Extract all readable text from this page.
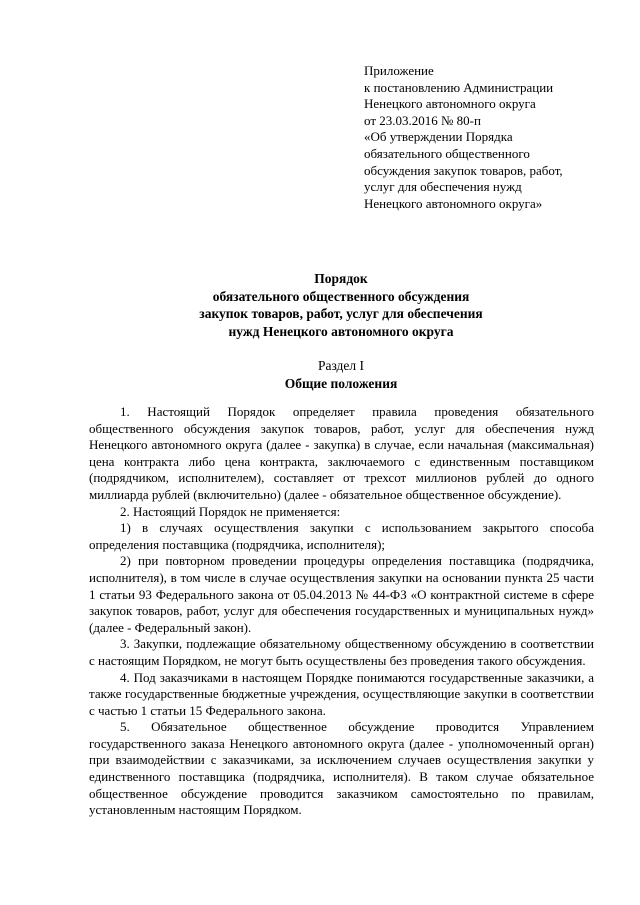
Приложение
к постановлению Администрации
Ненецкого автономного округа
от 23.03.2016 № 80-п
«Об утверждении Порядка
обязательного общественного
обсуждения закупок товаров, работ,
услуг для обеспечения нужд
Ненецкого автономного округа»
Порядок
обязательного общественного обсуждения
закупок товаров, работ, услуг для обеспечения
нужд Ненецкого автономного округа
Раздел I
Общие положения

1. Настоящий Порядок определяет правила проведения обязательного общественного обсуждения закупок товаров, работ, услуг для обеспечения нужд Ненецкого автономного округа (далее - закупка) в случае, если начальная (максимальная) цена контракта либо цена контракта, заключаемого с единственным поставщиком (подрядчиком, исполнителем), составляет от трехсот миллионов рублей до одного миллиарда рублей (включительно) (далее - обязательное общественное обсуждение).

2. Настоящий Порядок не применяется:

1) в случаях осуществления закупки с использованием закрытого способа определения поставщика (подрядчика, исполнителя);

2) при повторном проведении процедуры определения поставщика (подрядчика, исполнителя), в том числе в случае осуществления закупки на основании пункта 25 части 1 статьи 93 Федерального закона от 05.04.2013 № 44-ФЗ «О контрактной системе в сфере закупок товаров, работ, услуг для обеспечения государственных и муниципальных нужд» (далее - Федеральный закон).

3. Закупки, подлежащие обязательному общественному обсуждению в соответствии с настоящим Порядком, не могут быть осуществлены без проведения такого обсуждения.

4. Под заказчиками в настоящем Порядке понимаются государственные заказчики, а также государственные бюджетные учреждения, осуществляющие закупки в соответствии с частью 1 статьи 15 Федерального закона.

5. Обязательное общественное обсуждение проводится Управлением государственного заказа Ненецкого автономного округа (далее - уполномоченный орган) при взаимодействии с заказчиками, за исключением случаев осуществления закупки у единственного поставщика (подрядчика, исполнителя). В таком случае обязательное общественное обсуждение проводится заказчиком самостоятельно по правилам, установленным настоящим Порядком.
